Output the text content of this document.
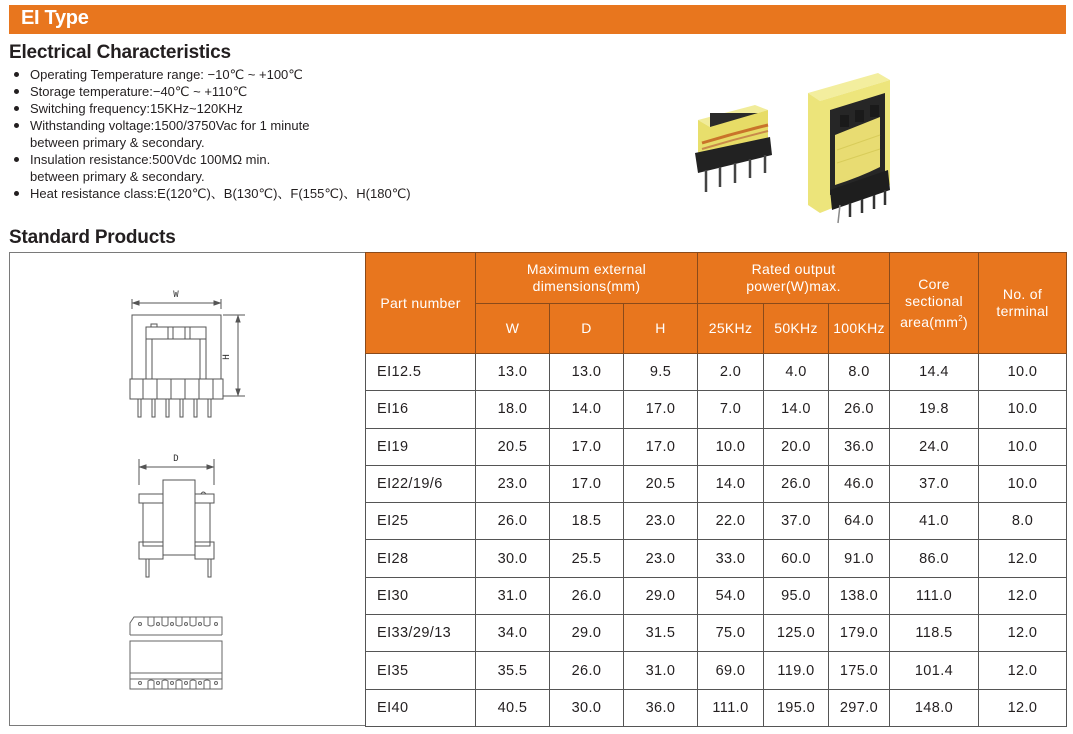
EI Type
Electrical Characteristics
Operating Temperature range: −10℃ ~ +100℃
Storage temperature:−40℃ ~ +110℃
Switching frequency:15KHz~120KHz
Withstanding voltage:1500/3750Vac for 1 minute
between primary & secondary.
Insulation resistance:500Vdc 100MΩ min.
between primary & secondary.
Heat resistance class:E(120℃)、B(130℃)、F(155℃)、H(180℃)
Standard Products
W
H
D
Part number	Maximum external dimensions(mm)			Rated output power(W)max.			Core sectional $area(mm^2)$	No. of terminal
	W	D	H	25KHz	50KHz	100KHz		
EI12.5	13.0	13.0	9.5	2.0	4.0	8.0	14.4	10.0
EI16	18.0	14.0	17.0	7.0	14.0	26.0	19.8	10.0
EI19	20.5	17.0	17.0	10.0	20.0	36.0	24.0	10.0
EI22/19/6	23.0	17.0	20.5	14.0	26.0	46.0	37.0	10.0
EI25	26.0	18.5	23.0	22.0	37.0	64.0	41.0	8.0
EI28	30.0	25.5	23.0	33.0	60.0	91.0	86.0	12.0
EI30	31.0	26.0	29.0	54.0	95.0	138.0	111.0	12.0
EI33/29/13	34.0	29.0	31.5	75.0	125.0	179.0	118.5	12.0
EI35	35.5	26.0	31.0	69.0	119.0	175.0	101.4	12.0
EI40	40.5	30.0	36.0	111.0	195.0	297.0	148.0	12.0
